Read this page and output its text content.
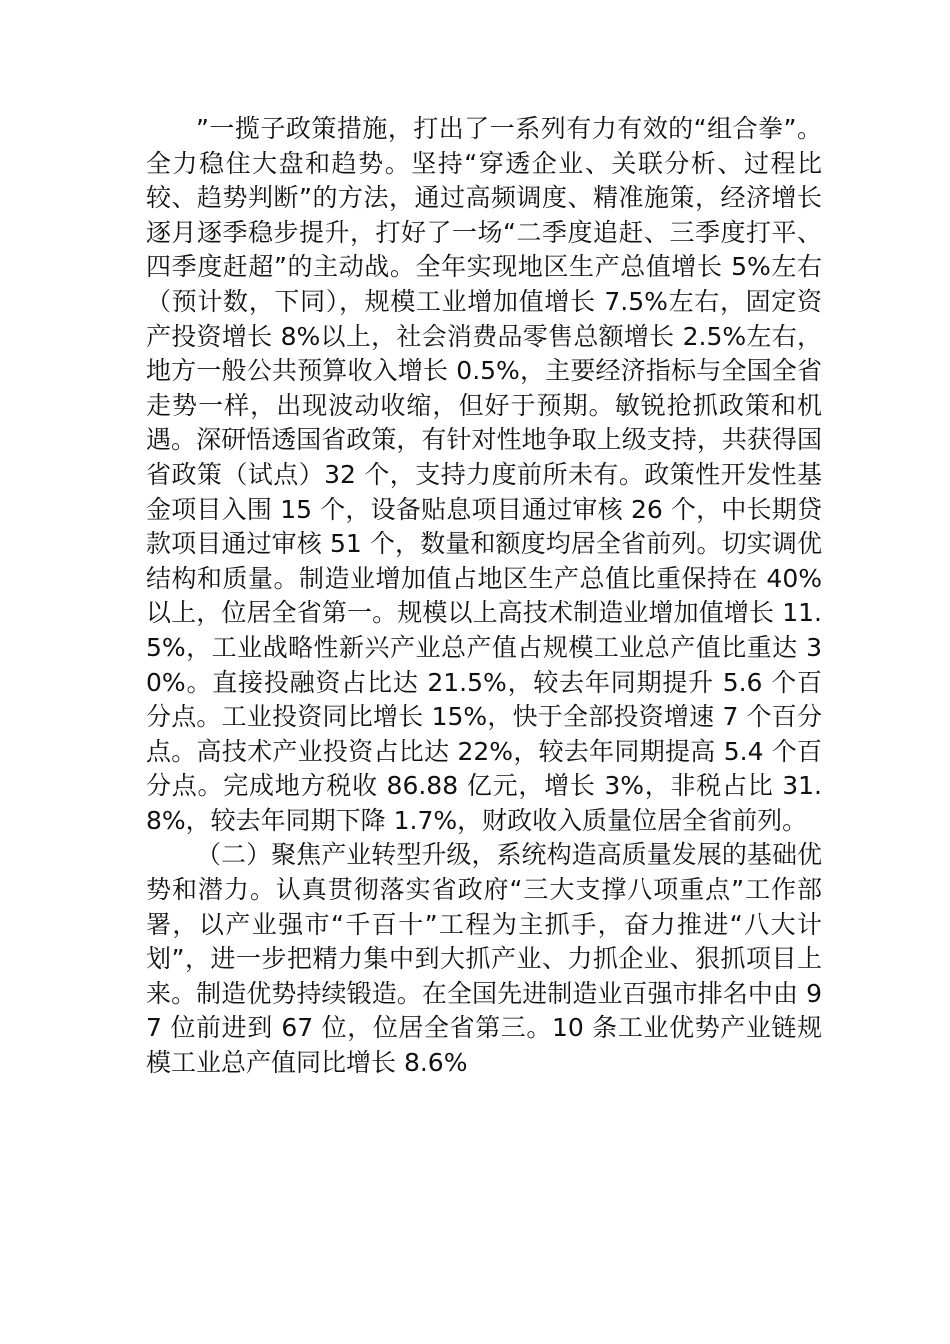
”一揽子政策措施，打出了一系列有力有效的“组合拳”。全力稳住大盘和趋势。坚持“穿透企业、关联分析、过程比较、趋势判断”的方法，通过高频调度、精准施策，经济增长逐月逐季稳步提升，打好了一场“二季度追赶、三季度打平、四季度赶超”的主动战。全年实现地区生产总值增长 5%左右（预计数，下同），规模工业增加值增长 7.5%左右，固定资产投资增长 8%以上，社会消费品零售总额增长 2.5%左右，地方一般公共预算收入增长 0.5%，主要经济指标与全国全省走势一样，出现波动收缩，但好于预期。敏锐抢抓政策和机遇。深研悟透国省政策，有针对性地争取上级支持，共获得国省政策（试点）32 个，支持力度前所未有。政策性开发性基金项目入围 15 个，设备贴息项目通过审核 26 个，中长期贷款项目通过审核 51 个，数量和额度均居全省前列。切实调优结构和质量。制造业增加值占地区生产总值比重保持在 40%以上，位居全省第一。规模以上高技术制造业增加值增长 11.5%，工业战略性新兴产业总产值占规模工业总产值比重达 30%。直接投融资占比达 21.5%，较去年同期提升 5.6 个百分点。工业投资同比增长 15%，快于全部投资增速 7 个百分点。高技术产业投资占比达 22%，较去年同期提高 5.4 个百分点。完成地方税收 86.88 亿元，增长 3%，非税占比 31.8%，较去年同期下降 1.7%，财政收入质量位居全省前列。

（二）聚焦产业转型升级，系统构造高质量发展的基础优势和潜力。认真贯彻落实省政府“三大支撑八项重点”工作部署，以产业强市“千百十”工程为主抓手，奋力推进“八大计划”，进一步把精力集中到大抓产业、力抓企业、狠抓项目上来。制造优势持续锻造。在全国先进制造业百强市排名中由 97 位前进到 67 位，位居全省第三。10 条工业优势产业链规模工业总产值同比增长 8.6%
